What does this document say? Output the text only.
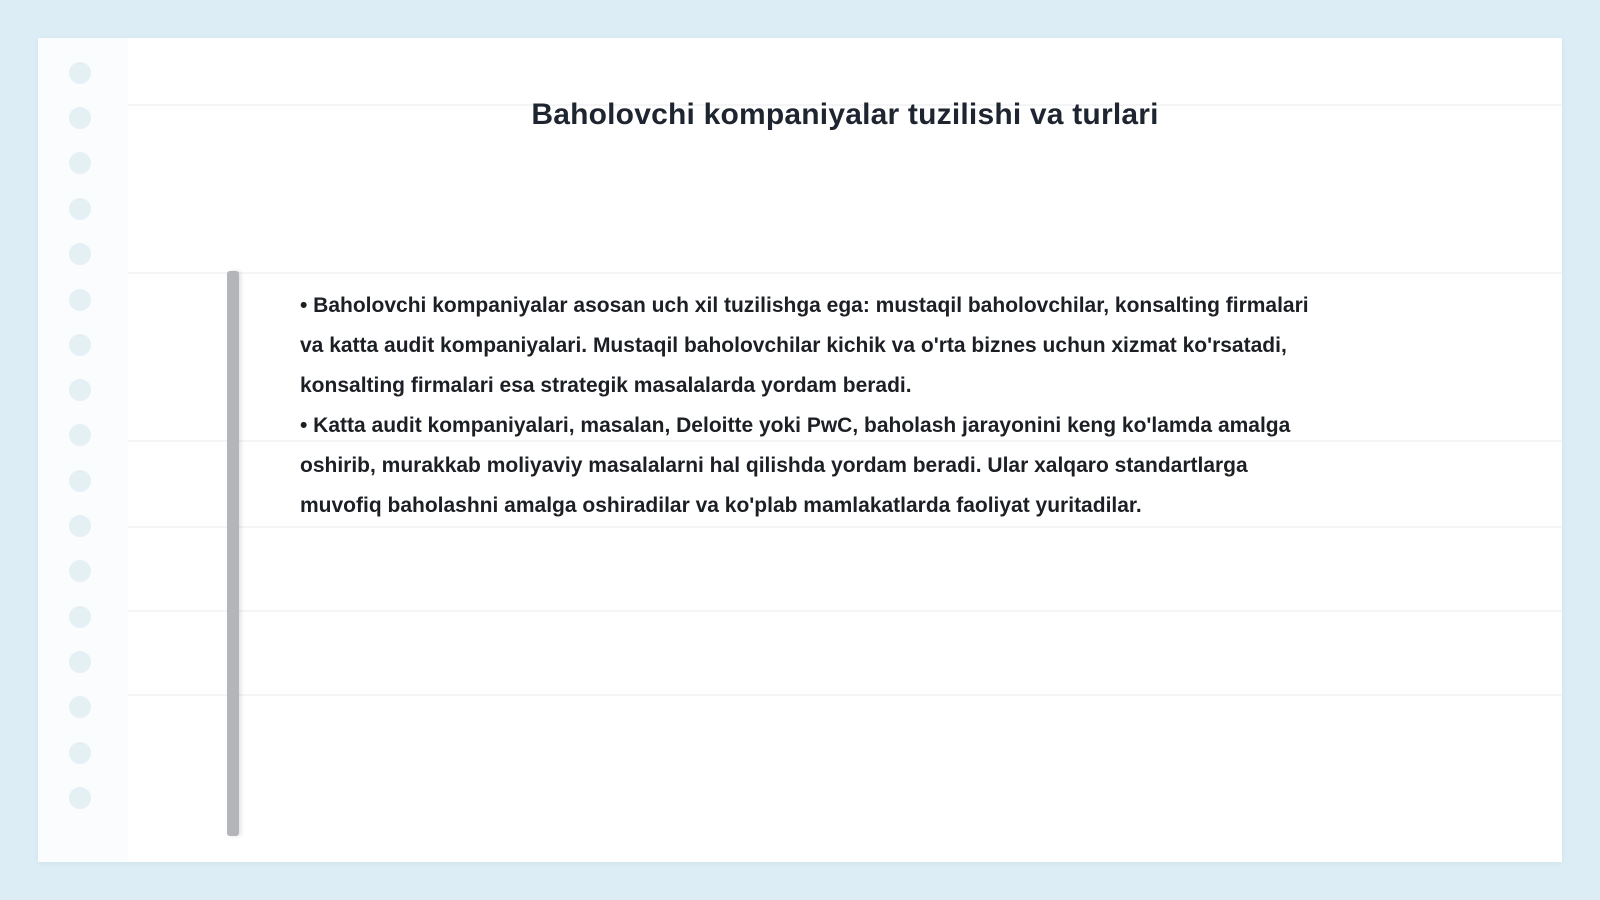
Baholovchi kompaniyalar tuzilishi va turlari

• Baholovchi kompaniyalar asosan uch xil tuzilishga ega: mustaqil baholovchilar, konsalting firmalari va katta audit kompaniyalari. Mustaqil baholovchilar kichik va o'rta biznes uchun xizmat ko'rsatadi, konsalting firmalari esa strategik masalalarda yordam beradi.

• Katta audit kompaniyalari, masalan, Deloitte yoki PwC, baholash jarayonini keng ko'lamda amalga oshirib, murakkab moliyaviy masalalarni hal qilishda yordam beradi. Ular xalqaro standartlarga muvofiq baholashni amalga oshiradilar va ko'plab mamlakatlarda faoliyat yuritadilar.
